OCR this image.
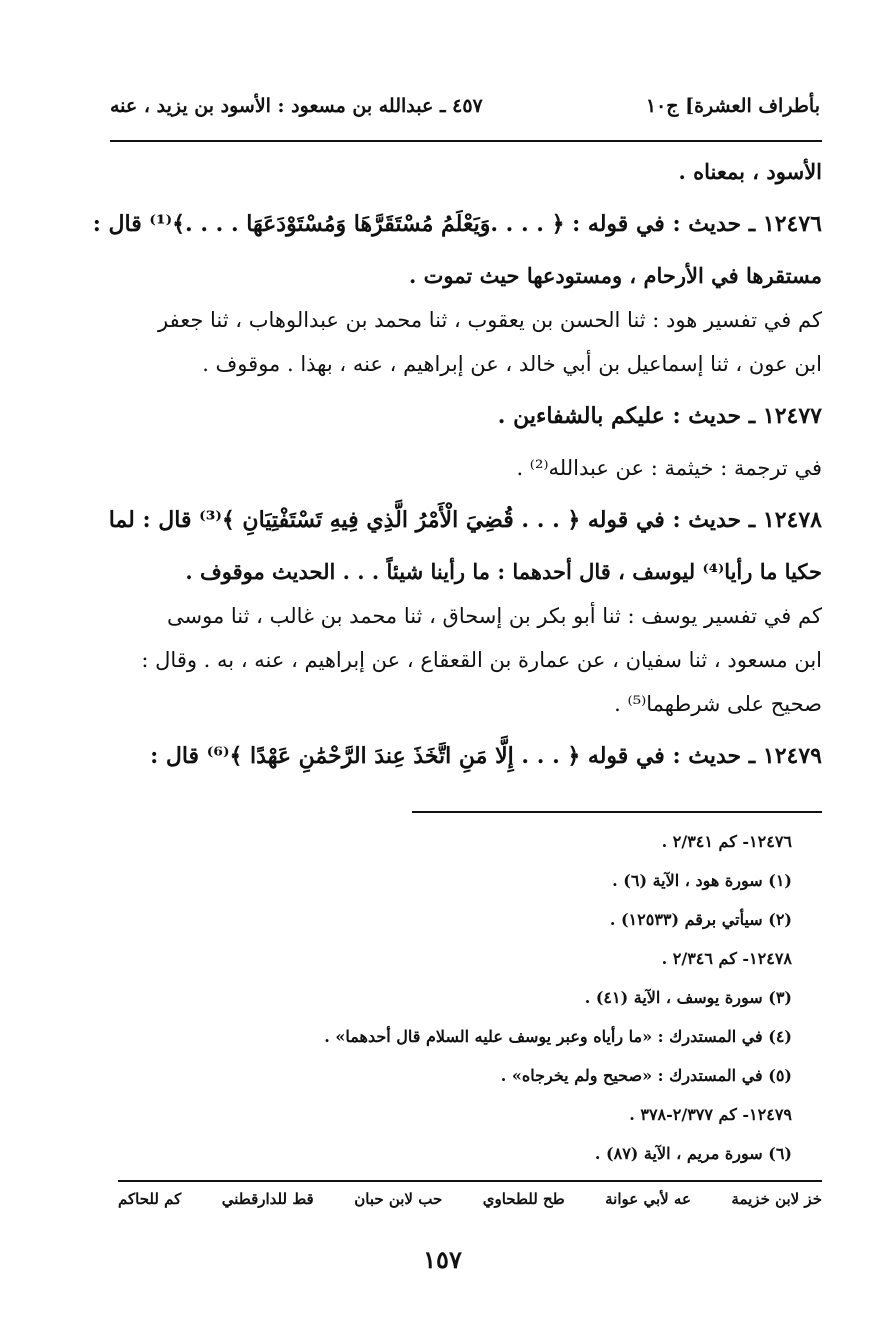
بأطراف العشرة] ج١٠
٤٥٧ ـ عبدالله بن مسعود : الأسود بن يزيد ، عنه

الأسود ، بمعناه .

١٢٤٧٦ ـ حديث : في قوله : ﴿ . . . .وَيَعْلَمُ مُسْتَقَرَّهَا وَمُسْتَوْدَعَهَا . . . .﴾⁽¹⁾ قال :

مستقرها في الأرحام ، ومستودعها حيث تموت .

كم في تفسير هود : ثنا الحسن بن يعقوب ، ثنا محمد بن عبدالوهاب ، ثنا جعفر

ابن عون ، ثنا إسماعيل بن أبي خالد ، عن إبراهيم ، عنه ، بهذا . موقوف .

١٢٤٧٧ ـ حديث : عليكم بالشفاءين .

في ترجمة : خيثمة : عن عبدالله⁽²⁾ .

١٢٤٧٨ ـ حديث : في قوله ﴿ . . . قُضِيَ الْأَمْرُ الَّذِي فِيهِ تَسْتَفْتِيَانِ ﴾⁽³⁾ قال : لما

حكيا ما رأيا⁽⁴⁾ ليوسف ، قال أحدهما : ما رأينا شيئاً . . . الحديث موقوف .

كم في تفسير يوسف : ثنا أبو بكر بن إسحاق ، ثنا محمد بن غالب ، ثنا موسى

ابن مسعود ، ثنا سفيان ، عن عمارة بن القعقاع ، عن إبراهيم ، عنه ، به . وقال :

صحيح على شرطهما⁽⁵⁾ .

١٢٤٧٩ ـ حديث : في قوله ﴿ . . . إِلَّا مَنِ اتَّخَذَ عِندَ الرَّحْمَٰنِ عَهْدًا ﴾⁽⁶⁾ قال :

١٢٤٧٦- كم ٢/٣٤١ .

(١) سورة هود ، الآية (٦) .

(٢) سيأتي برقم (١٢٥٣٣) .

١٢٤٧٨- كم ٢/٣٤٦ .

(٣) سورة يوسف ، الآية (٤١) .

(٤) في المستدرك : «ما رأياه وعبر يوسف عليه السلام قال أحدهما» .

(٥) في المستدرك : «صحيح ولم يخرجاه» .

١٢٤٧٩- كم ٢/٣٧٧-٣٧٨ .

(٦) سورة مريم ، الآية (٨٧) .

خز لابن خزيمة
عه لأبي عوانة
طح للطحاوي
حب لابن حبان
قط للدارقطني
كم للحاكم
١٥٧
